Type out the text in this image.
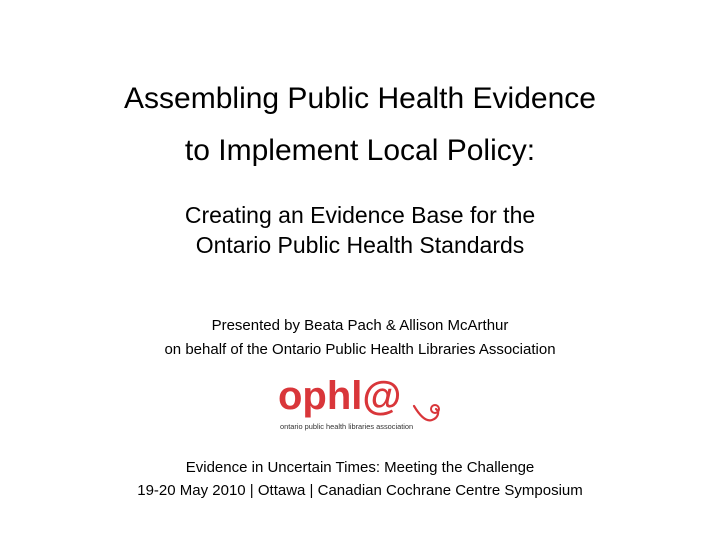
Assembling Public Health Evidence
to Implement Local Policy:
Creating an Evidence Base for the
Ontario Public Health Standards
Presented by Beata Pach & Allison McArthur
on behalf of the Ontario Public Health Libraries Association
ophl@
ontario public health libraries association
Evidence in Uncertain Times: Meeting the Challenge
19-20 May 2010 | Ottawa | Canadian Cochrane Centre Symposium
